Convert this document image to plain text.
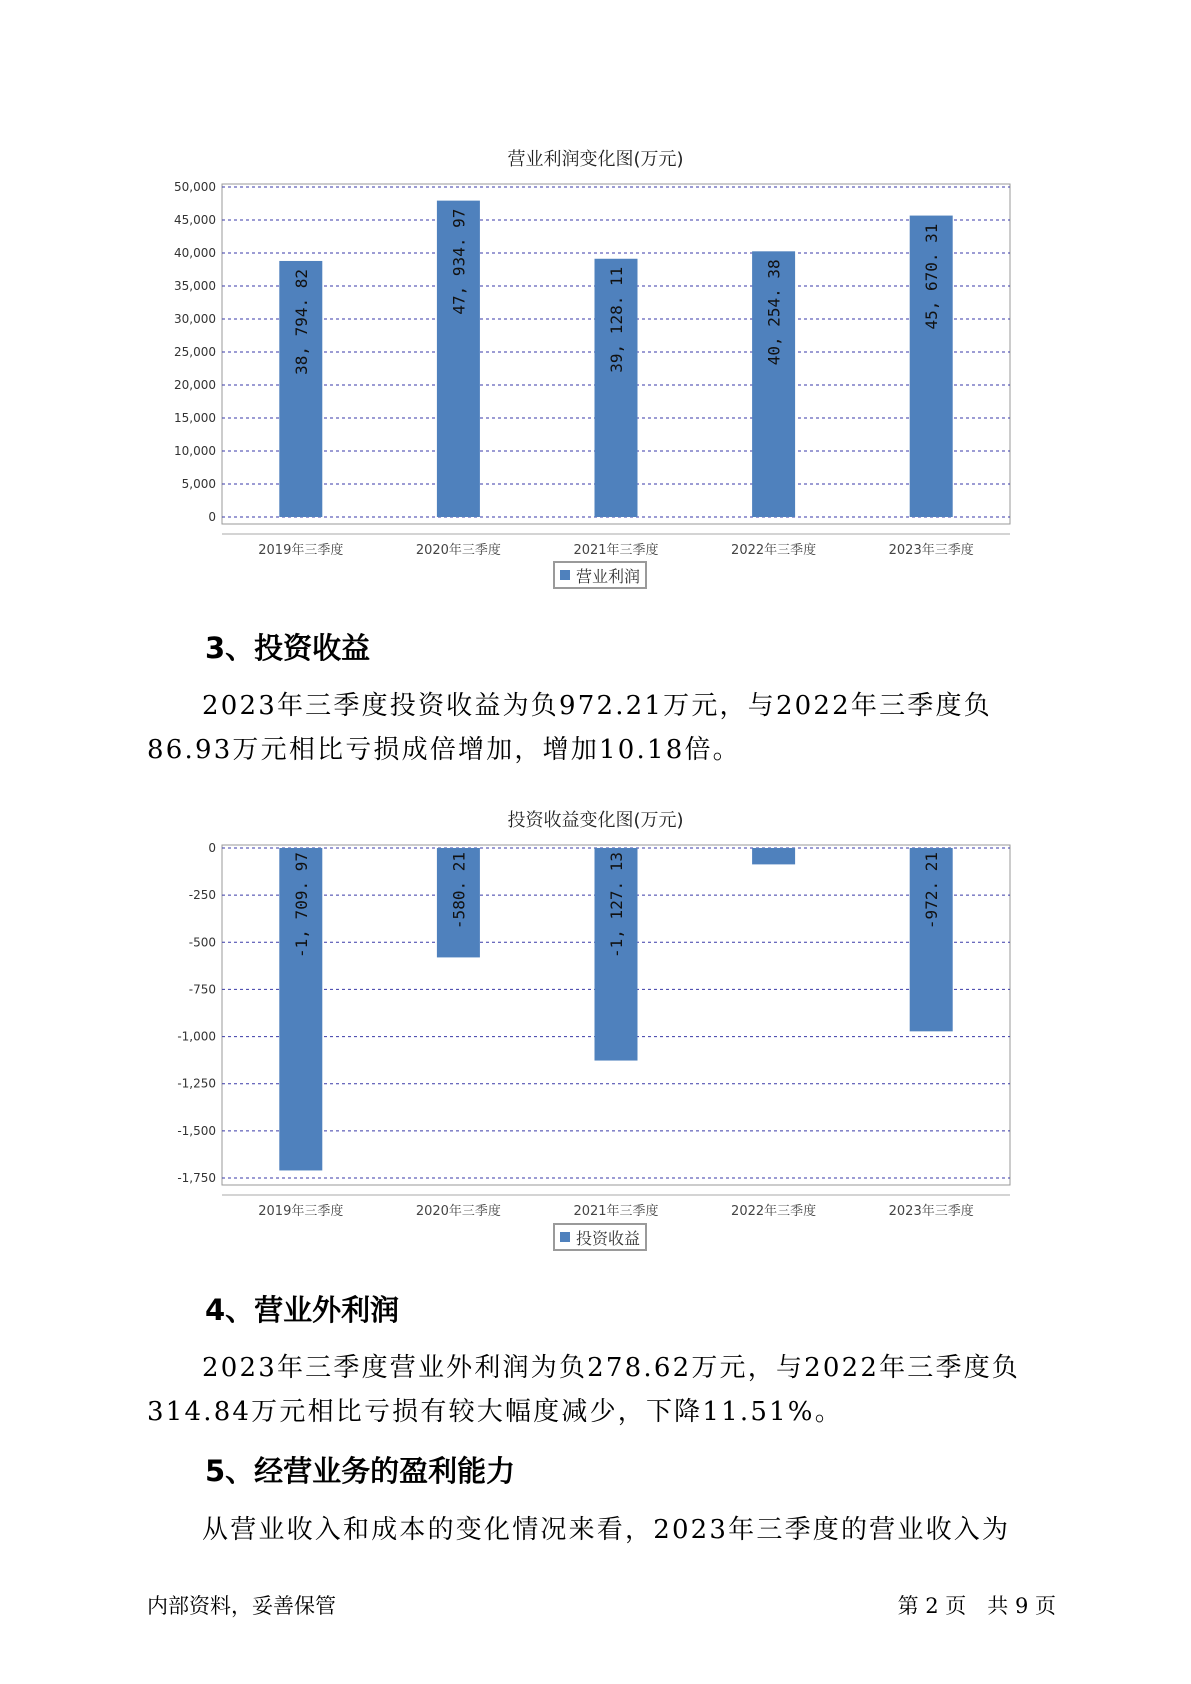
营业利润变化图(万元)
0
5,000
10,000
15,000
20,000
25,000
30,000
35,000
40,000
45,000
50,000
38, 794. 82
2019年三季度
47, 934. 97
2020年三季度
39, 128. 11
2021年三季度
40, 254. 38
2022年三季度
45, 670. 31
2023年三季度
营业利润
3、投资收益

2023年三季度投资收益为负972.21万元，与2022年三季度负86.93万元相比亏损成倍增加，增加10.18倍。

投资收益变化图(万元)
-1,750
-1,500
-1,250
-1,000
-750
-500
-250
0
-1, 709. 97
2019年三季度
-580. 21
2020年三季度
-1, 127. 13
2021年三季度	2022年三季度
-972. 21
2023年三季度
投资收益
4、营业外利润

2023年三季度营业外利润为负278.62万元，与2022年三季度负314.84万元相比亏损有较大幅度减少，下降11.51%。

5、经营业务的盈利能力

从营业收入和成本的变化情况来看，2023年三季度的营业收入为

内部资料，妥善保管	第 2 页　共 9 页
